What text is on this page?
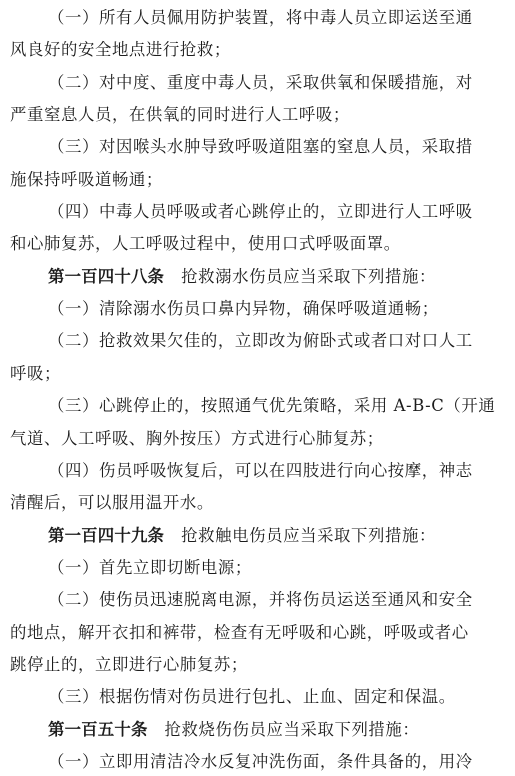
（一）所有人员佩用防护装置，将中毒人员立即运送至通
风良好的安全地点进行抢救；
（二）对中度、重度中毒人员，采取供氧和保暖措施，对
严重窒息人员，在供氧的同时进行人工呼吸；
（三）对因喉头水肿导致呼吸道阻塞的窒息人员，采取措
施保持呼吸道畅通；
（四）中毒人员呼吸或者心跳停止的，立即进行人工呼吸
和心肺复苏，人工呼吸过程中，使用口式呼吸面罩。
第一百四十八条  抢救溺水伤员应当采取下列措施：
（一）清除溺水伤员口鼻内异物，确保呼吸道通畅；
（二）抢救效果欠佳的，立即改为俯卧式或者口对口人工
呼吸；
（三）心跳停止的，按照通气优先策略，采用 A-B-C（开通
气道、人工呼吸、胸外按压）方式进行心肺复苏；
（四）伤员呼吸恢复后，可以在四肢进行向心按摩，神志
清醒后，可以服用温开水。
第一百四十九条  抢救触电伤员应当采取下列措施：
（一）首先立即切断电源；
（二）使伤员迅速脱离电源，并将伤员运送至通风和安全
的地点，解开衣扣和裤带，检查有无呼吸和心跳，呼吸或者心
跳停止的，立即进行心肺复苏；
（三）根据伤情对伤员进行包扎、止血、固定和保温。
第一百五十条  抢救烧伤伤员应当采取下列措施：
（一）立即用清洁冷水反复冲洗伤面，条件具备的，用冷
